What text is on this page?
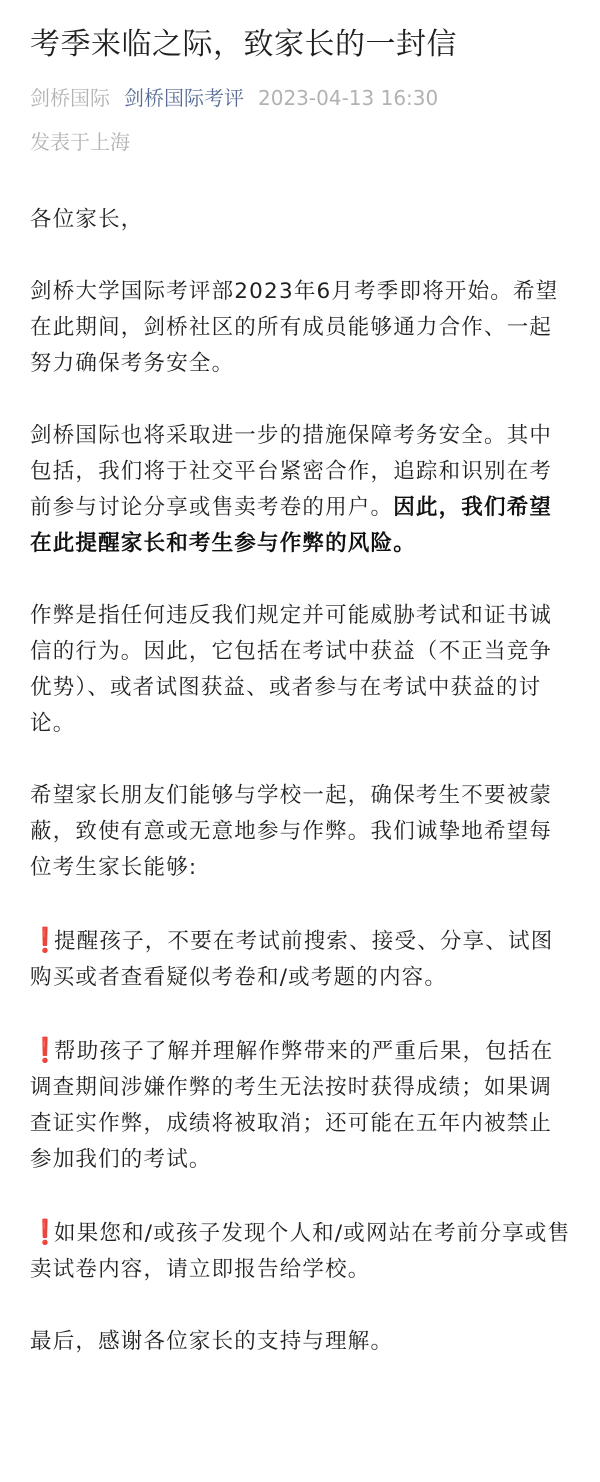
考季来临之际，致家长的一封信
剑桥国际 剑桥国际考评 2023-04-13 16:30
发表于上海

各位家长，

剑桥大学国际考评部2023年6月考季即将开始。希望在此期间，剑桥社区的所有成员能够通力合作、一起努力确保考务安全。

剑桥国际也将采取进一步的措施保障考务安全。其中包括，我们将于社交平台紧密合作，追踪和识别在考前参与讨论分享或售卖考卷的用户。因此，我们希望在此提醒家长和考生参与作弊的风险。

作弊是指任何违反我们规定并可能威胁考试和证书诚信的行为。因此，它包括在考试中获益（不正当竞争优势）、或者试图获益、或者参与在考试中获益的讨论。

希望家长朋友们能够与学校一起，确保考生不要被蒙蔽，致使有意或无意地参与作弊。我们诚挚地希望每位考生家长能够:

❗提醒孩子，不要在考试前搜索、接受、分享、试图购买或者查看疑似考卷和/或考题的内容。

❗帮助孩子了解并理解作弊带来的严重后果，包括在调查期间涉嫌作弊的考生无法按时获得成绩；如果调查证实作弊，成绩将被取消；还可能在五年内被禁止参加我们的考试。

❗如果您和/或孩子发现个人和/或网站在考前分享或售卖试卷内容，请立即报告给学校。

最后，感谢各位家长的支持与理解。
